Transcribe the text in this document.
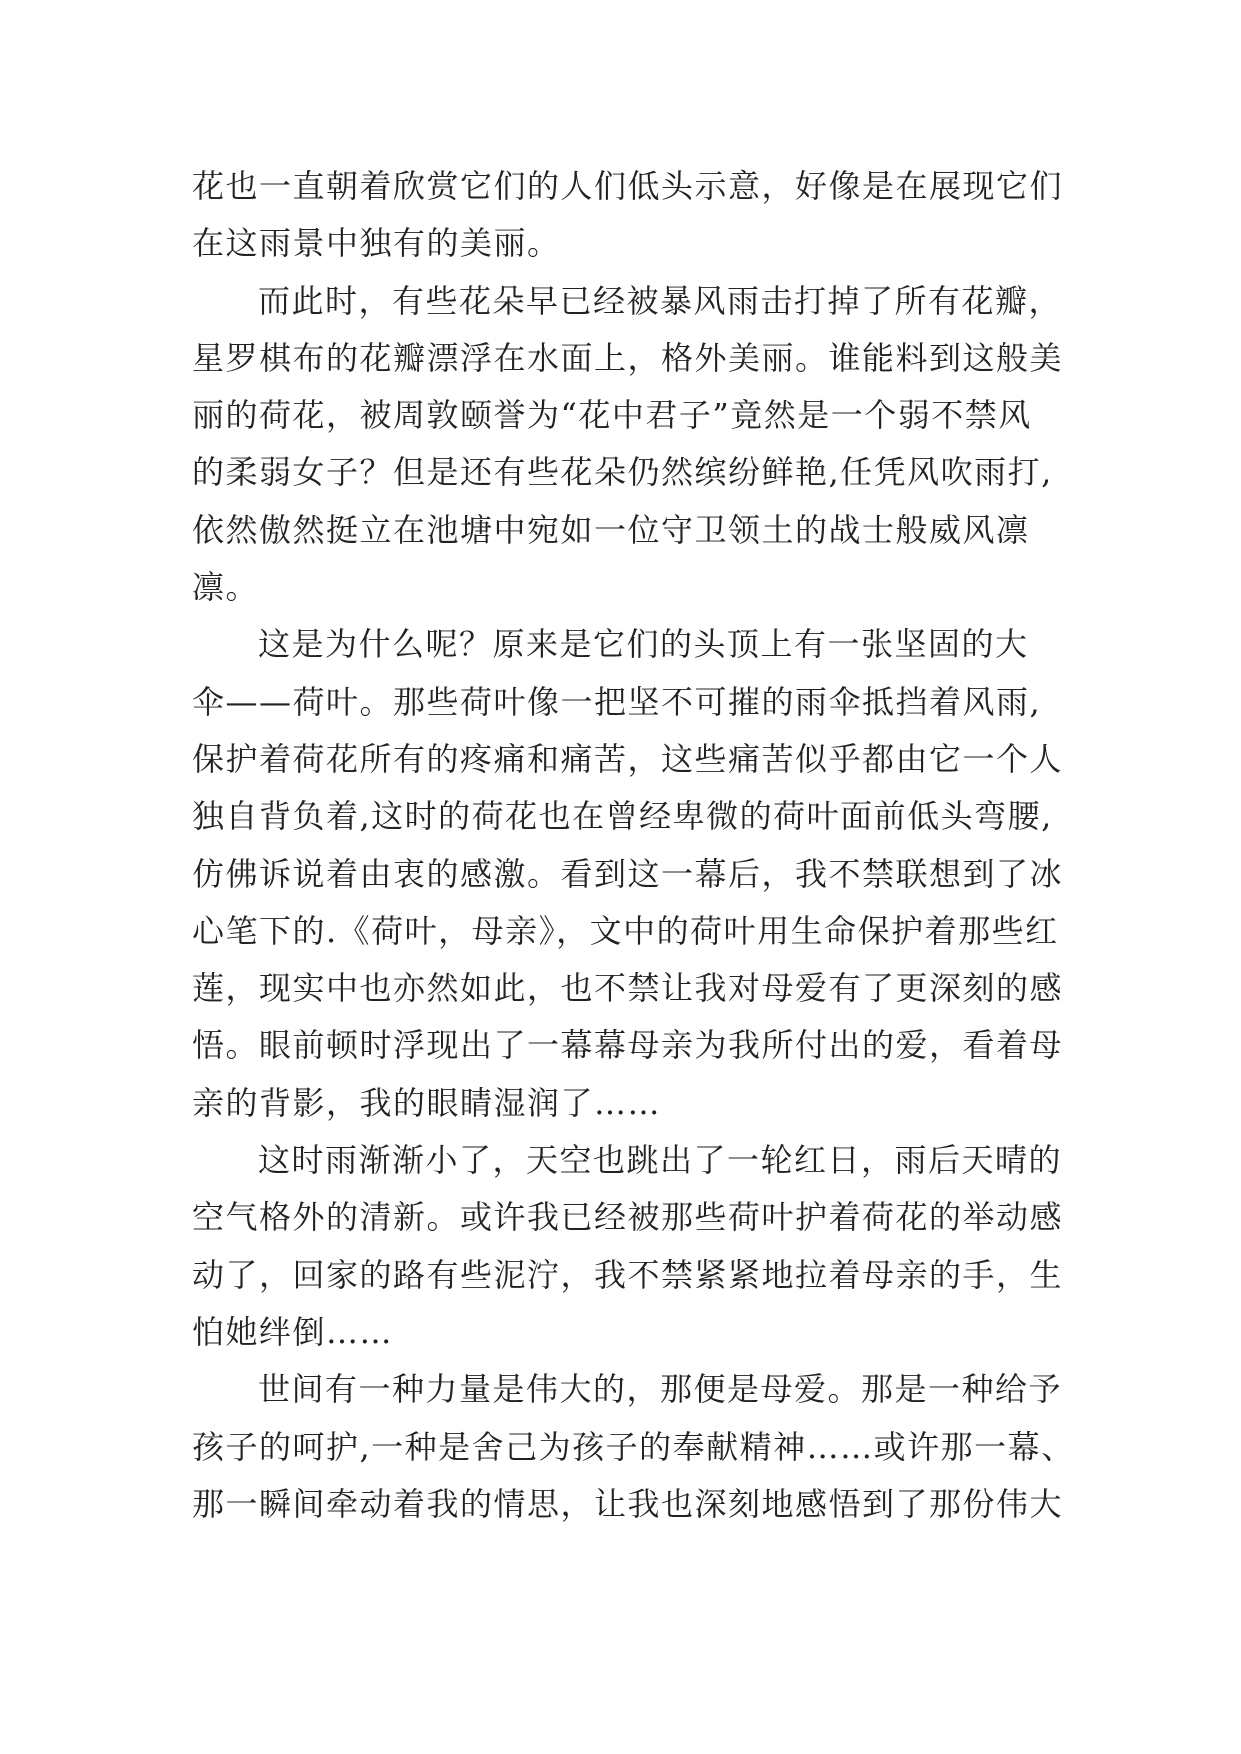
花也一直朝着欣赏它们的人们低头示意，好像是在展现它们
在这雨景中独有的美丽。
而此时，有些花朵早已经被暴风雨击打掉了所有花瓣，
星罗棋布的花瓣漂浮在水面上，格外美丽。谁能料到这般美
丽的荷花，被周敦颐誉为“花中君子”竟然是一个弱不禁风
的柔弱女子？但是还有些花朵仍然缤纷鲜艳,任凭风吹雨打,
依然傲然挺立在池塘中宛如一位守卫领土的战士般威风凛
凛。
这是为什么呢？原来是它们的头顶上有一张坚固的大
伞——荷叶。那些荷叶像一把坚不可摧的雨伞抵挡着风雨,
保护着荷花所有的疼痛和痛苦，这些痛苦似乎都由它一个人
独自背负着,这时的荷花也在曾经卑微的荷叶面前低头弯腰,
仿佛诉说着由衷的感激。看到这一幕后，我不禁联想到了冰
心笔下的.《荷叶，母亲》，文中的荷叶用生命保护着那些红
莲，现实中也亦然如此，也不禁让我对母爱有了更深刻的感
悟。眼前顿时浮现出了一幕幕母亲为我所付出的爱，看着母
亲的背影，我的眼睛湿润了……
这时雨渐渐小了，天空也跳出了一轮红日，雨后天晴的
空气格外的清新。或许我已经被那些荷叶护着荷花的举动感
动了，回家的路有些泥泞，我不禁紧紧地拉着母亲的手，生
怕她绊倒……
世间有一种力量是伟大的，那便是母爱。那是一种给予
孩子的呵护,一种是舍己为孩子的奉献精神……或许那一幕、
那一瞬间牵动着我的情思，让我也深刻地感悟到了那份伟大
